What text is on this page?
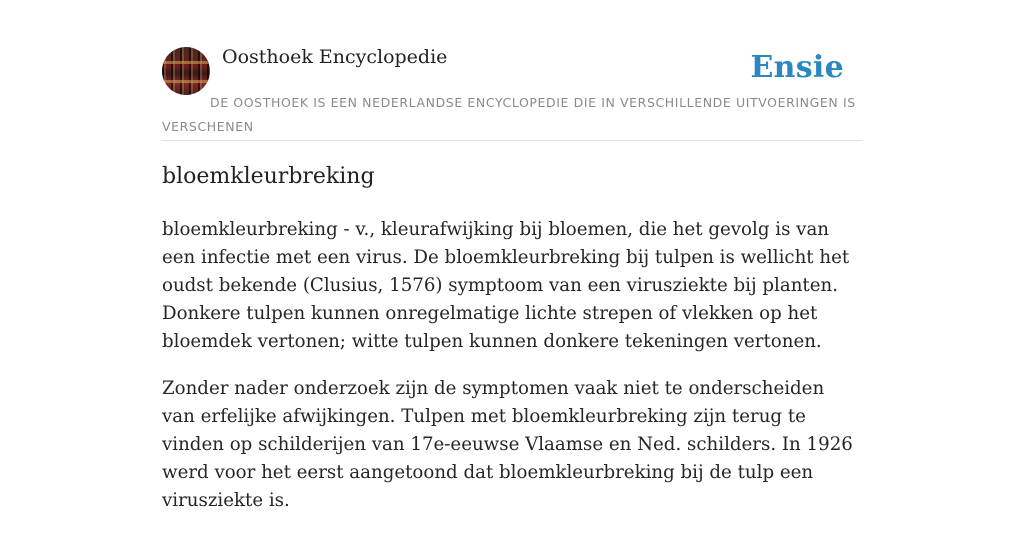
Oosthoek Encyclopedie	Ensie
DE OOSTHOEK IS EEN NEDERLANDSE ENCYCLOPEDIE DIE IN VERSCHILLENDE UITVOERINGEN IS VERSCHENEN
bloemkleurbreking

bloemkleurbreking - v., kleurafwijking bij bloemen, die het gevolg is van een infectie met een virus. De bloemkleurbreking bij tulpen is wellicht het oudst bekende (Clusius, 1576) symptoom van een virusziekte bij planten. Donkere tulpen kunnen onregelmatige lichte strepen of vlekken op het bloemdek vertonen; witte tulpen kunnen donkere tekeningen vertonen.

Zonder nader onderzoek zijn de symptomen vaak niet te onderscheiden van erfelijke afwijkingen. Tulpen met bloemkleurbreking zijn terug te vinden op schilderijen van 17e-eeuwse Vlaamse en Ned. schilders. In 1926 werd voor het eerst aangetoond dat bloemkleurbreking bij de tulp een virusziekte is.
